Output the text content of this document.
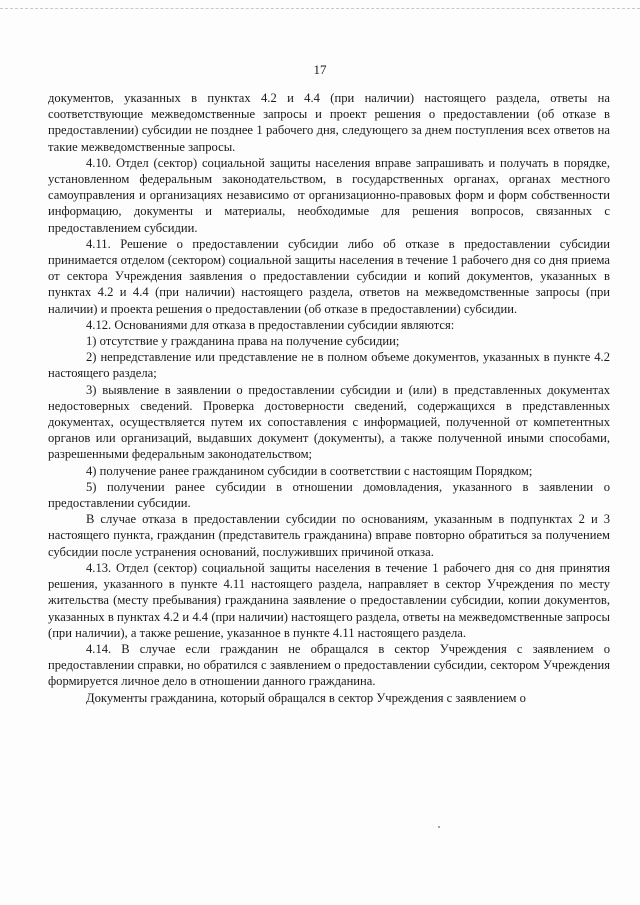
17

документов, указанных в пунктах 4.2 и 4.4 (при наличии) настоящего раздела, ответы на соответствующие межведомственные запросы и проект решения о предоставлении (об отказе в предоставлении) субсидии не позднее 1 рабочего дня, следующего за днем поступления всех ответов на такие межведомственные запросы.

4.10. Отдел (сектор) социальной защиты населения вправе запрашивать и получать в порядке, установленном федеральным законодательством, в государственных органах, органах местного самоуправления и организациях независимо от организационно-правовых форм и форм собственности информацию, документы и материалы, необходимые для решения вопросов, связанных с предоставлением субсидии.

4.11. Решение о предоставлении субсидии либо об отказе в предоставлении субсидии принимается отделом (сектором) социальной защиты населения в течение 1 рабочего дня со дня приема от сектора Учреждения заявления о предоставлении субсидии и копий документов, указанных в пунктах 4.2 и 4.4 (при наличии) настоящего раздела, ответов на межведомственные запросы (при наличии) и проекта решения о предоставлении (об отказе в предоставлении) субсидии.

4.12. Основаниями для отказа в предоставлении субсидии являются:

1) отсутствие у гражданина права на получение субсидии;

2) непредставление или представление не в полном объеме документов, указанных в пункте 4.2 настоящего раздела;

3) выявление в заявлении о предоставлении субсидии и (или) в представленных документах недостоверных сведений. Проверка достоверности сведений, содержащихся в представленных документах, осуществляется путем их сопоставления с информацией, полученной от компетентных органов или организаций, выдавших документ (документы), а также полученной иными способами, разрешенными федеральным законодательством;

4) получение ранее гражданином субсидии в соответствии с настоящим Порядком;

5) получении ранее субсидии в отношении домовладения, указанного в заявлении о предоставлении субсидии.

В случае отказа в предоставлении субсидии по основаниям, указанным в подпунктах 2 и 3 настоящего пункта, гражданин (представитель гражданина) вправе повторно обратиться за получением субсидии после устранения оснований, послуживших причиной отказа.

4.13. Отдел (сектор) социальной защиты населения в течение 1 рабочего дня со дня принятия решения, указанного в пункте 4.11 настоящего раздела, направляет в сектор Учреждения по месту жительства (месту пребывания) гражданина заявление о предоставлении субсидии, копии документов, указанных в пунктах 4.2 и 4.4 (при наличии) настоящего раздела, ответы на межведомственные запросы (при наличии), а также решение, указанное в пункте 4.11 настоящего раздела.

4.14. В случае если гражданин не обращался в сектор Учреждения с заявлением о предоставлении справки, но обратился с заявлением о предоставлении субсидии, сектором Учреждения формируется личное дело в отношении данного гражданина.

Документы гражданина, который обращался в сектор Учреждения с заявлением о
